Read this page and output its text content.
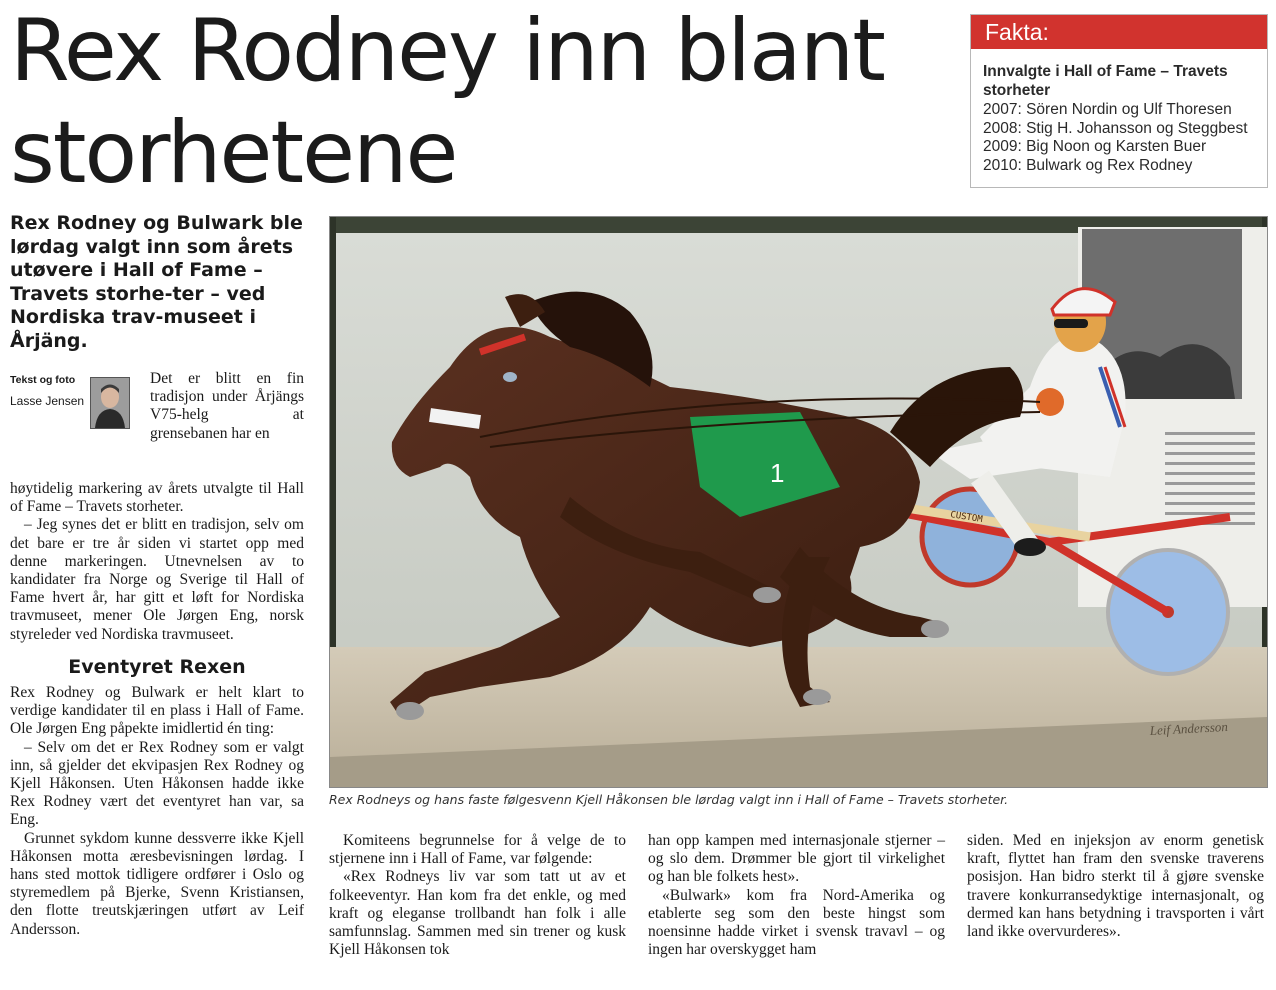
Rex Rodney inn blant storhetene
Fakta:
Innvalgte i Hall of Fame – Travets storheter
2007: Sören Nordin og Ulf Thoresen
2008: Stig H. Johansson og Steggbest
2009: Big Noon og Karsten Buer
2010: Bulwark og Rex Rodney

Rex Rodney og Bulwark ble lørdag valgt inn som årets utøvere i Hall of Fame – Travets storhe-ter – ved Nordiska trav-museet i Årjäng.

Tekst og foto
Lasse Jensen

Det er blitt en fin tradisjon under Årjängs V75-helg at grensebanen har en

høytidelig markering av årets utvalgte til Hall of Fame – Travets storheter.

– Jeg synes det er blitt en tradisjon, selv om det bare er tre år siden vi startet opp med denne markeringen. Utnevnelsen av to kandidater fra Norge og Sverige til Hall of Fame hvert år, har gitt et løft for Nordiska travmuseet, mener Ole Jørgen Eng, norsk styreleder ved Nordiska travmuseet.

Eventyret Rexen

Rex Rodney og Bulwark er helt klart to verdige kandidater til en plass i Hall of Fame. Ole Jørgen Eng påpekte imidlertid én ting:

– Selv om det er Rex Rodney som er valgt inn, så gjelder det ekvipasjen Rex Rodney og Kjell Håkonsen. Uten Håkonsen hadde ikke Rex Rodney vært det eventyret han var, sa Eng.

Grunnet sykdom kunne dessverre ikke Kjell Håkonsen motta æresbevisningen lørdag. I hans sted mottok tidligere ordfører i Oslo og styremedlem på Bjerke, Svenn Kristiansen, den flotte treutskjæringen utført av Leif Andersson.

Leif Andersson
CUSTOM
1

Rex Rodneys og hans faste følgesvenn Kjell Håkonsen ble lørdag valgt inn i Hall of Fame – Travets storheter.

Komiteens begrunnelse for å velge de to stjernene inn i Hall of Fame, var følgende:

«Rex Rodneys liv var som tatt ut av et folkeeventyr. Han kom fra det enkle, og med kraft og eleganse trollbandt han folk i alle samfunnslag. Sammen med sin trener og kusk Kjell Håkonsen tok

han opp kampen med internasjonale stjerner – og slo dem. Drømmer ble gjort til virkelighet og han ble folkets hest».

«Bulwark» kom fra Nord-Amerika og etablerte seg som den beste hingst som noensinne hadde virket i svensk travavl – og ingen har overskygget ham

siden. Med en injeksjon av enorm genetisk kraft, flyttet han fram den svenske traverens posisjon. Han bidro sterkt til å gjøre svenske travere konkurransedyktige internasjonalt, og dermed kan hans betydning i travsporten i vårt land ikke overvurderes».
